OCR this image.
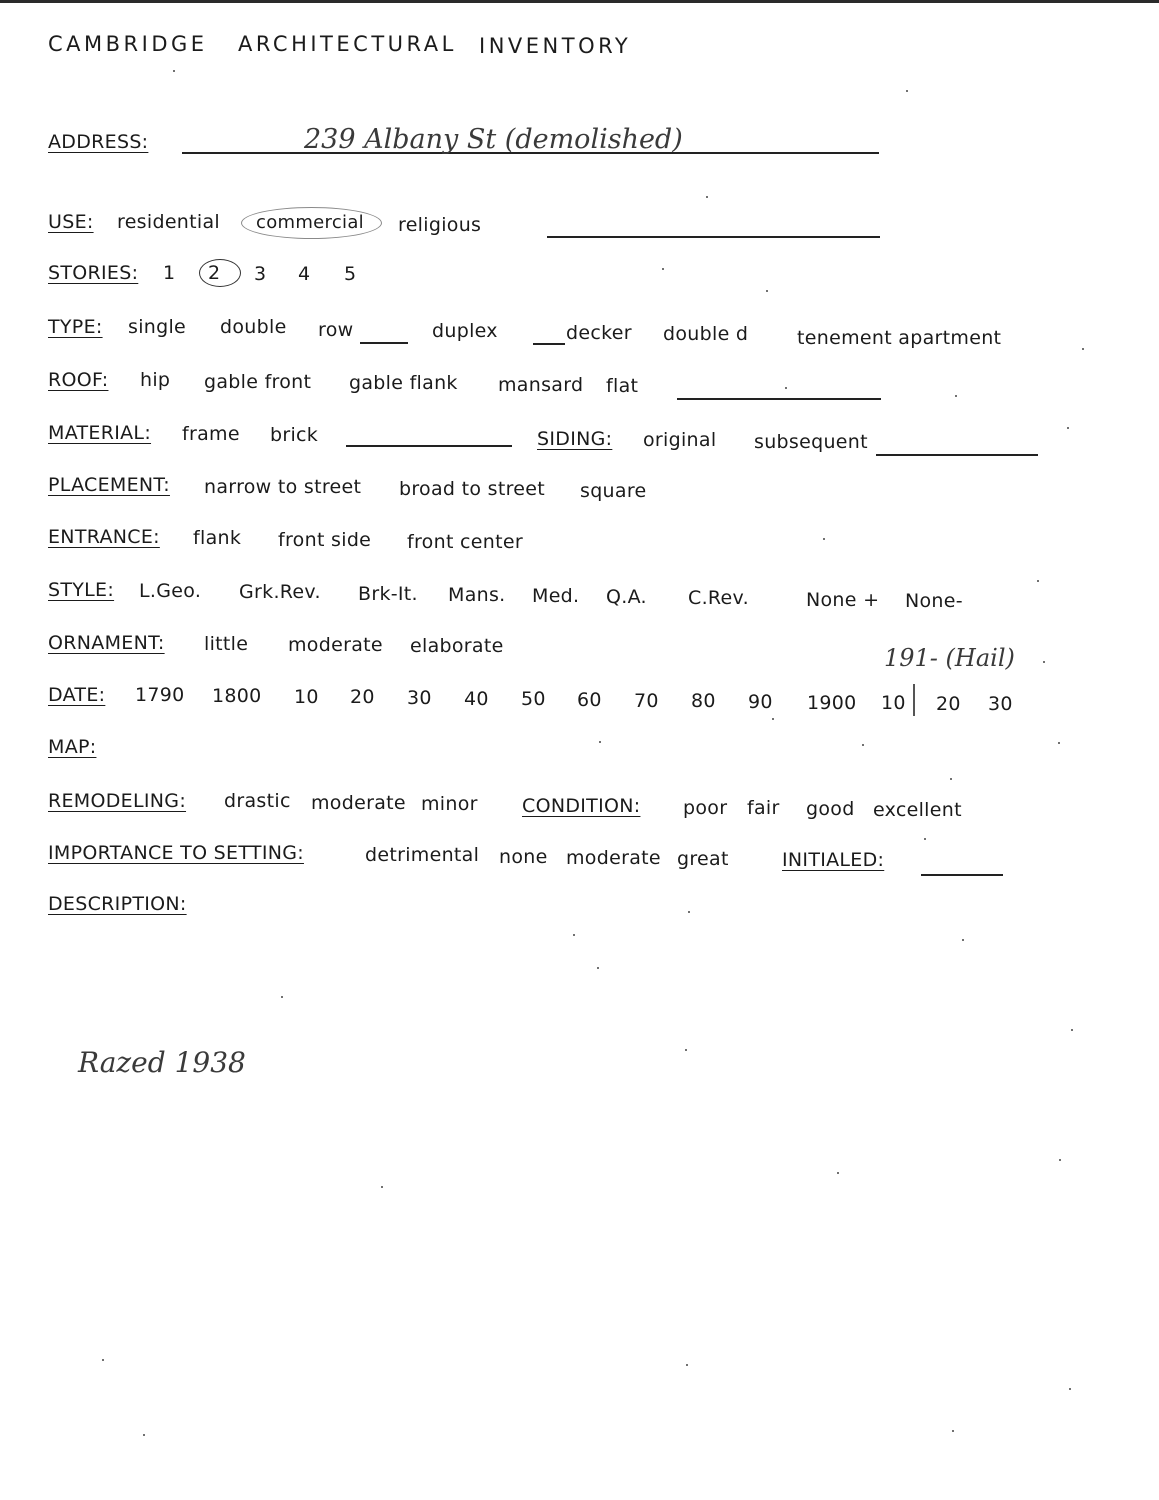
CAMBRIDGE ARCHITECTURAL INVENTORY
ADDRESS:	239 Albany St (demolished)
USE: residential commercial religious
STORIES: 1 2 3 4 5
TYPE: single double row	duplex	decker double d	tenement apartment
ROOF: hip gable front gable flank mansard flat
MATERIAL: frame brick	SIDING: original subsequent
PLACEMENT: narrow to street broad to street square
ENTRANCE: flank front side front center
STYLE: L.Geo. Grk.Rev. Brk-It. Mans. Med. Q.A. C.Rev.	None + None-
ORNAMENT: little moderate elaborate	191- (Hail)
DATE: 1790 1800 10 20 30 40 50 60 70 80 90 1900 10 20 30
MAP:
REMODELING: drastic moderate minor CONDITION: poor fair good excellent
IMPORTANCE TO SETTING:	detrimental none moderate great	INITIALED:
DESCRIPTION:
Razed 1938
